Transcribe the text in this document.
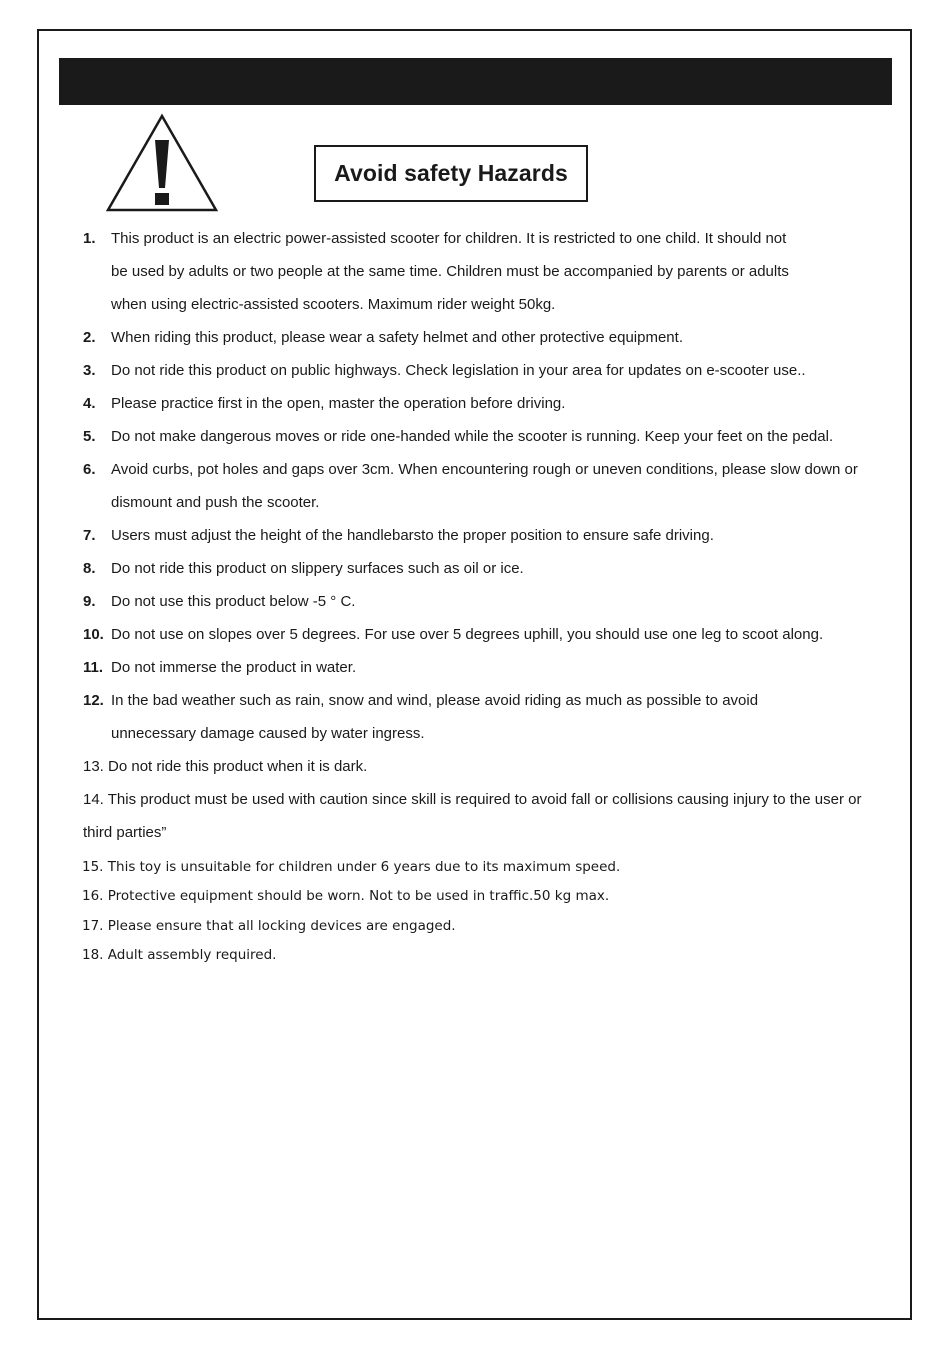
Avoid safety Hazards
1. This product is an electric power-assisted scooter for children. It is restricted to one child. It should not
be used by adults or two people at the same time. Children must be accompanied by parents or adults
when using electric-assisted scooters. Maximum rider weight 50kg.
2. When riding this product, please wear a safety helmet and other protective equipment.
3. Do not ride this product on public highways. Check legislation in your area for updates on e-scooter use..
4. Please practice first in the open, master the operation before driving.
5. Do not make dangerous moves or ride one-handed while the scooter is running. Keep your feet on the pedal.
6. Avoid curbs, pot holes and gaps over 3cm. When encountering rough or uneven conditions, please slow down or
dismount and push the scooter.
7. Users must adjust the height of the handlebarsto the proper position to ensure safe driving.
8. Do not ride this product on slippery surfaces such as oil or ice.
9. Do not use this product below -5 ° C.
10. Do not use on slopes over 5 degrees. For use over 5 degrees uphill, you should use one leg to scoot along.
11. Do not immerse the product in water.
12. In the bad weather such as rain, snow and wind, please avoid riding as much as possible to avoid
unnecessary damage caused by water ingress.
13. Do not ride this product when it is dark.
14. This product must be used with caution since skill is required to avoid fall or collisions causing injury to the user or
third parties”
15. This toy is unsuitable for children under 6 years due to its maximum speed.
16. Protective equipment should be worn. Not to be used in traffic.50 kg max.
17. Please ensure that all locking devices are engaged.
18. Adult assembly required.
